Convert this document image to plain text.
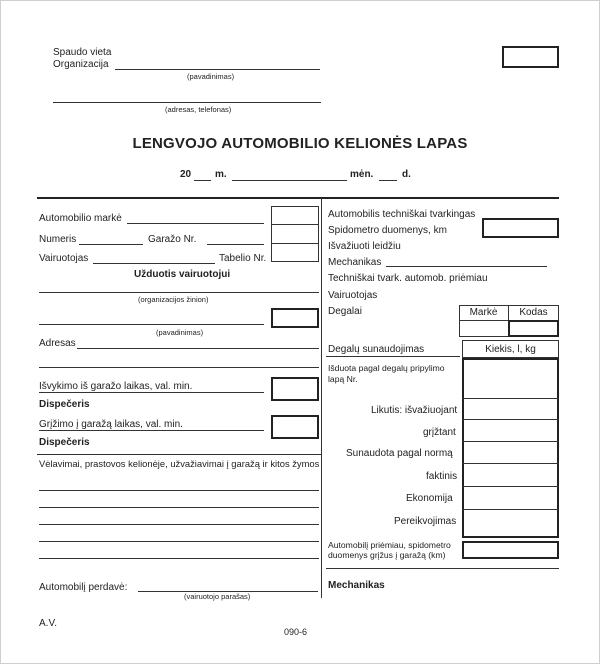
Spaudo vieta
Organizacija
(pavadinimas)
(adresas, telefonas)
LENGVOJO AUTOMOBILIO KELIONĖS LAPAS
20 m.	mėn.	d.
Automobilio markė
Numeris	Garažo Nr.
Vairuotojas	Tabelio Nr.
Užduotis vairuotojui
(organizacijos žinion)
(pavadinimas)
Adresas
Išvykimo iš garažo laikas, val. min.
Dispečeris
Grįžimo į garažą laikas, val. min.
Dispečeris
Vėlavimai, prastovos kelionėje, užvažiavimai į garažą ir kitos žymos
Automobilį perdavė:
(vairuotojo parašas)
Automobilis techniškai tvarkingas
Spidometro duomenys, km
Išvažiuoti leidžiu
Mechanikas
Techniškai tvark. automob. priėmiau
Vairuotojas
Degalai	Markė	Kodas
Degalų sunaudojimas	Kiekis, l, kg
Išduota pagal degalų pripylimo lapą Nr.
Likutis: išvažiuojant
grįžtant
Sunaudota pagal normą
faktinis
Ekonomija
Pereikvojimas
Automobilį priėmiau, spidometro duomenys grįžus į garažą (km)
Mechanikas
A.V.
090-6
